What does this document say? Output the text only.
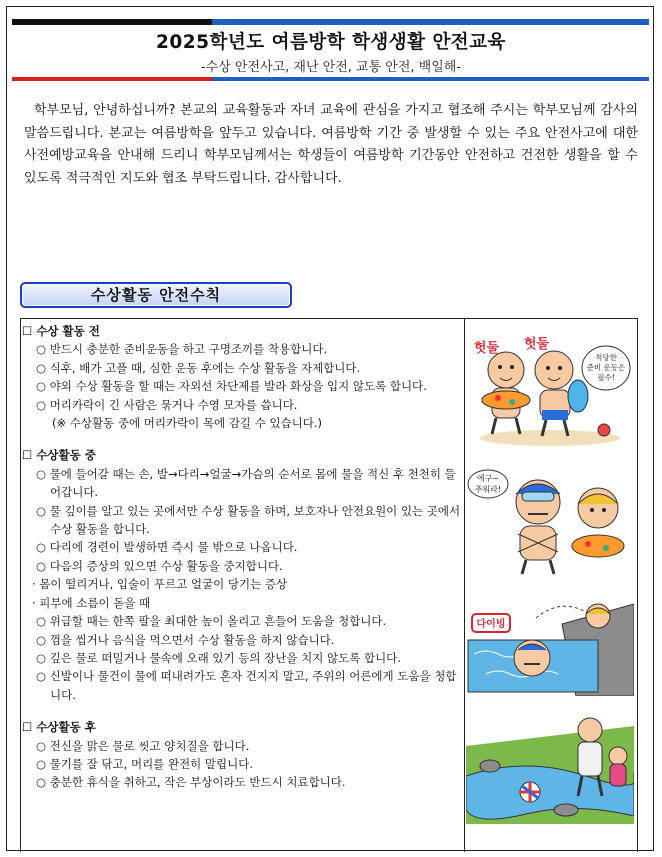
2025학년도 여름방학 학생생활 안전교육
-수상 안전사고, 재난 안전, 교통 안전, 백일해-
학부모님, 안녕하십니까? 본교의 교육활동과 자녀 교육에 관심을 가지고 협조해 주시는 학부모님께 감사의 말씀드립니다. 본교는 여름방학을 앞두고 있습니다. 여름방학 기간 중 발생할 수 있는 주요 안전사고에 대한 사전예방교육을 안내해 드리니 학부모님께서는 학생들이 여름방학 기간동안 안전하고 건전한 생활을 할 수 있도록 적극적인 지도와 협조 부탁드립니다. 감사합니다.
수상활동 안전수칙
☐ 수상 활동 전
○ 반드시 충분한 준비운동을 하고 구명조끼를 착용합니다.
○ 식후, 배가 고플 때, 심한 운동 후에는 수상 활동을 자제합니다.
○ 야외 수상 활동을 할 때는 자외선 차단제를 발라 화상을 입지 않도록 합니다.
○ 머리카락이 긴 사람은 묶거나 수영 모자를 씁니다.
(※ 수상활동 중에 머리카락이 목에 감길 수 있습니다.)
☐ 수상활동 중
○ 물에 들어갈 때는 손, 발→다리→얼굴→가슴의 순서로 몸에 물을 적신 후 천천히 들어갑니다.
○ 물 깊이를 알고 있는 곳에서만 수상 활동을 하며, 보호자나 안전요원이 있는 곳에서 수상 활동을 합니다.
○ 다리에 경련이 발생하면 즉시 물 밖으로 나옵니다.
○ 다음의 증상의 있으면 수상 활동을 중지합니다.
· 몸이 떨리거나, 입술이 푸르고 얼굴이 당기는 증상
· 피부에 소름이 돋을 때
○ 위급할 때는 한쪽 팔을 최대한 높이 올리고 흔들어 도움을 청합니다.
○ 껌을 씹거나 음식을 먹으면서 수상 활동을 하지 않습니다.
○ 깊은 물로 떠밀거나 물속에 오래 있기 등의 장난을 치지 않도록 합니다.
○ 신발이나 물건이 물에 떠내려가도 혼자 건지지 말고, 주위의 어른에게 도움을 청합니다.
☐ 수상활동 후
○ 전신을 맑은 물로 씻고 양치질을 합니다.
○ 물기를 잘 닦고, 머리를 완전히 말립니다.
○ 충분한 휴식을 취하고, 작은 부상이라도 반드시 치료합니다.
헛둘 헛둘
적당한
준비 운동은
필수!
에구~
추워라!
다이빙
